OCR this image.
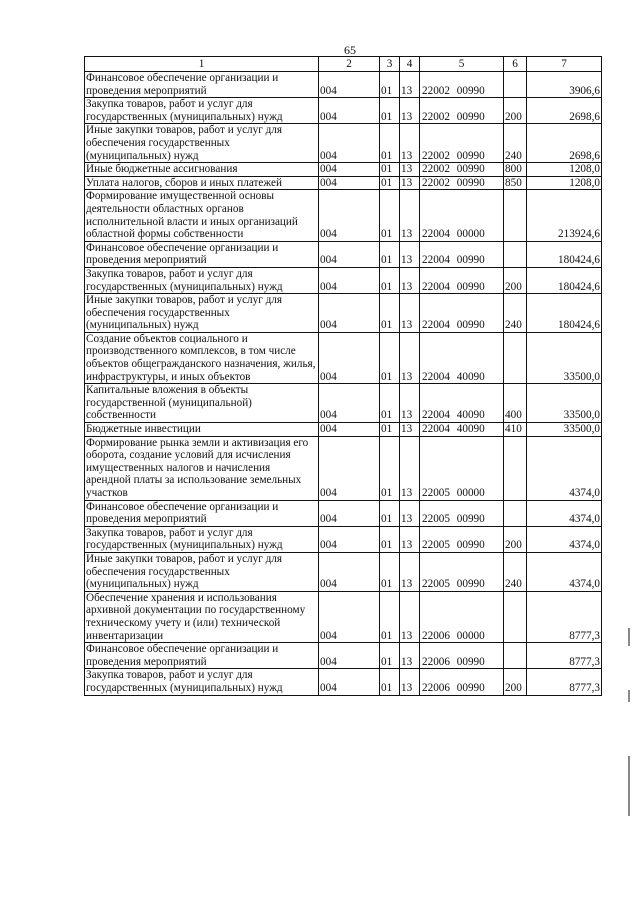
65
1	2	3	4	5	6	7
Финансовое обеспечение организации и проведения мероприятий	004	01	13	22002 00990		3906,6
Закупка товаров, работ и услуг для государственных (муниципальных) нужд	004	01	13	22002 00990	200	2698,6
Иные закупки товаров, работ и услуг для обеспечения государственных (муниципальных) нужд	004	01	13	22002 00990	240	2698,6
Иные бюджетные ассигнования	004	01	13	22002 00990	800	1208,0
Уплата налогов, сборов и иных платежей	004	01	13	22002 00990	850	1208,0
Формирование имущественной основы деятельности областных органов исполнительной власти и иных организаций областной формы собственности	004	01	13	22004 00000		213924,6
Финансовое обеспечение организации и проведения мероприятий	004	01	13	22004 00990		180424,6
Закупка товаров, работ и услуг для государственных (муниципальных) нужд	004	01	13	22004 00990	200	180424,6
Иные закупки товаров, работ и услуг для обеспечения государственных (муниципальных) нужд	004	01	13	22004 00990	240	180424,6
Создание объектов социального и производственного комплексов, в том числе объектов общегражданского назначения, жилья, инфраструктуры, и иных объектов	004	01	13	22004 40090		33500,0
Капитальные вложения в объекты государственной (муниципальной) собственности	004	01	13	22004 40090	400	33500,0
Бюджетные инвестиции	004	01	13	22004 40090	410	33500,0
Формирование рынка земли и активизация его оборота, создание условий для исчисления имущественных налогов и начисления арендной платы за использование земельных участков	004	01	13	22005 00000		4374,0
Финансовое обеспечение организации и проведения мероприятий	004	01	13	22005 00990		4374,0
Закупка товаров, работ и услуг для государственных (муниципальных) нужд	004	01	13	22005 00990	200	4374,0
Иные закупки товаров, работ и услуг для обеспечения государственных (муниципальных) нужд	004	01	13	22005 00990	240	4374,0
Обеспечение хранения и использования архивной документации по государственному техническому учету и (или) технической инвентаризации	004	01	13	22006 00000		8777,3
Финансовое обеспечение организации и проведения мероприятий	004	01	13	22006 00990		8777,3
Закупка товаров, работ и услуг для государственных (муниципальных) нужд	004	01	13	22006 00990	200	8777,3
